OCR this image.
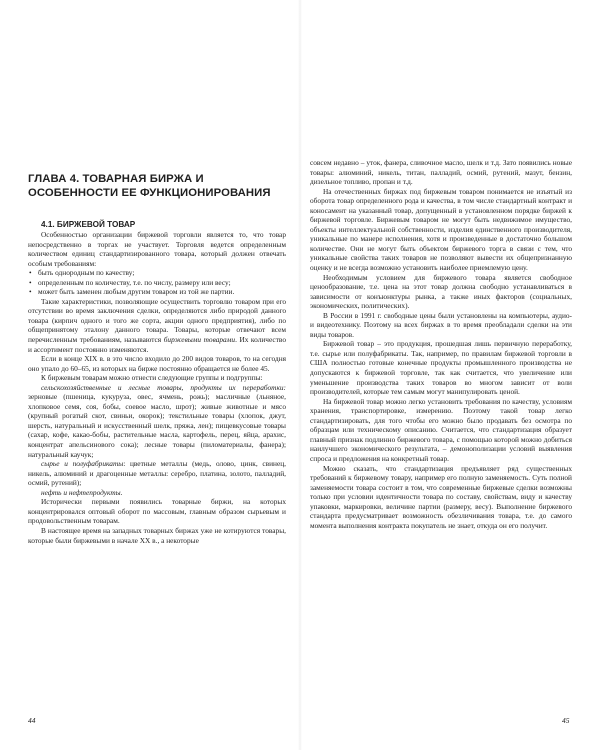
ГЛАВА 4. ТОВАРНАЯ БИРЖА И ОСОБЕННОСТИ ЕЕ ФУНКЦИОНИРОВАНИЯ

4.1. БИРЖЕВОЙ ТОВАР

Особенностью организации биржевой торговли является то, что товар непосредственно в торгах не участвует. Торговля ведется определенным количеством единиц стандартизированного товара, который должен отвечать особым требованиям:

• быть однородным по качеству;
• определенным по количеству, т.е. по числу, размеру или весу;
• может быть заменен любым другим товаром из той же партии.

Такие характеристики, позволяющие осуществить торговлю товаром при его отсутствии во время заключения сделки, определяются либо природой данного товара (кирпич одного и того же сорта, акции одного предприятия), либо по общепринятому эталону данного товара. Товары, которые отвечают всем перечисленным требованиям, называются биржевыми товарами. Их количество и ассортимент постоянно изменяются.

Если в конце XIX в. в это число входило до 200 видов товаров, то на сегодня оно упало до 60–65, из которых на бирже постоянно обращается не более 45.

К биржевым товарам можно отнести следующие группы и подгруппы:

сельскохозяйственные и лесные товары, продукты их переработки: зерновые (пшеница, кукуруза, овес, ячмень, рожь); масличные (льняное, хлопковое семя, соя, бобы, соевое масло, шрот); живые животные и мясо (крупный рогатый скот, свиньи, окорок); текстильные товары (хлопок, джут, шерсть, натуральный и искусственный шелк, пряжа, лен); пищевкусовые товары (сахар, кофе, какао-бобы, растительные масла, картофель, перец, яйца, арахис, концентрат апельсинового сока); лесные товары (пиломатериалы, фанера); натуральный каучук;

сырье и полуфабрикаты: цветные металлы (медь, олово, цинк, свинец, никель, алюминий и драгоценные металлы: серебро, платина, золото, палладий, осмий, рутений);

нефть и нефтепродукты.

Исторически первыми появились товарные биржи, на которых концентрировался оптовый оборот по массовым, главным образом сырьевым и продовольственным товарам.

В настоящее время на западных товарных биржах уже не котируются товары, которые были биржевыми в начале XX в., а некоторые

44

совсем недавно – уток, фанера, сливочное масло, шелк и т.д. Зато появились новые товары: алюминий, никель, титан, палладий, осмий, рутений, мазут, бензин, дизельное топливо, пропан и т.д.

На отечественных биржах под биржевым товаром понимается не изъятый из оборота товар определенного рода и качества, в том числе стандартный контракт и коносамент на указанный товар, допущенный в установленном порядке биржей к биржевой торговле. Биржевым товаром не могут быть недвижимое имущество, объекты интеллектуальной собственности, изделия единственного производителя, уникальные по манере исполнения, хотя и произведенные в достаточно большом количестве. Они не могут быть объектом биржевого торга в связи с тем, что уникальные свойства таких товаров не позволяют вывести их общепризнанную оценку и не всегда возможно установить наиболее приемлемую цену.

Необходимым условием для биржевого товара является свободное ценообразование, т.е. цена на этот товар должна свободно устанавливаться в зависимости от конъюнктуры рынка, а также иных факторов (социальных, экономических, политических).

В России в 1991 г. свободные цены были установлены на компьютеры, аудио- и видеотехнику. Поэтому на всех биржах в то время преобладали сделки на эти виды товаров.

Биржевой товар – это продукция, прошедшая лишь первичную переработку, т.е. сырье или полуфабрикаты. Так, например, по правилам биржевой торговли в США полностью готовые конечные продукты промышленного производства не допускаются к биржевой торговле, так как считается, что увеличение или уменьшение производства таких товаров во многом зависит от воли производителей, которые тем самым могут манипулировать ценой.

На биржевой товар можно легко установить требования по качеству, условиям хранения, транспортировке, измерению. Поэтому такой товар легко стандартизировать, для того чтобы его можно было продавать без осмотра по образцам или техническому описанию. Считается, что стандартизация образует главный признак подлинно биржевого товара, с помощью которой можно добиться наилучшего экономического результата, – демонополизации условий выявления спроса и предложения на конкретный товар.

Можно сказать, что стандартизация предъявляет ряд существенных требований к биржевому товару, например его полную заменяемость. Суть полной заменяемости товара состоит в том, что современные биржевые сделки возможны только при условии идентичности товара по составу, свойствам, виду и качеству упаковки, маркировки, величине партии (размеру, весу). Выполнение биржевого стандарта предусматривает возможность обезличивания товара, т.е. до самого момента выполнения контракта покупатель не знает, откуда он его получит.

45
